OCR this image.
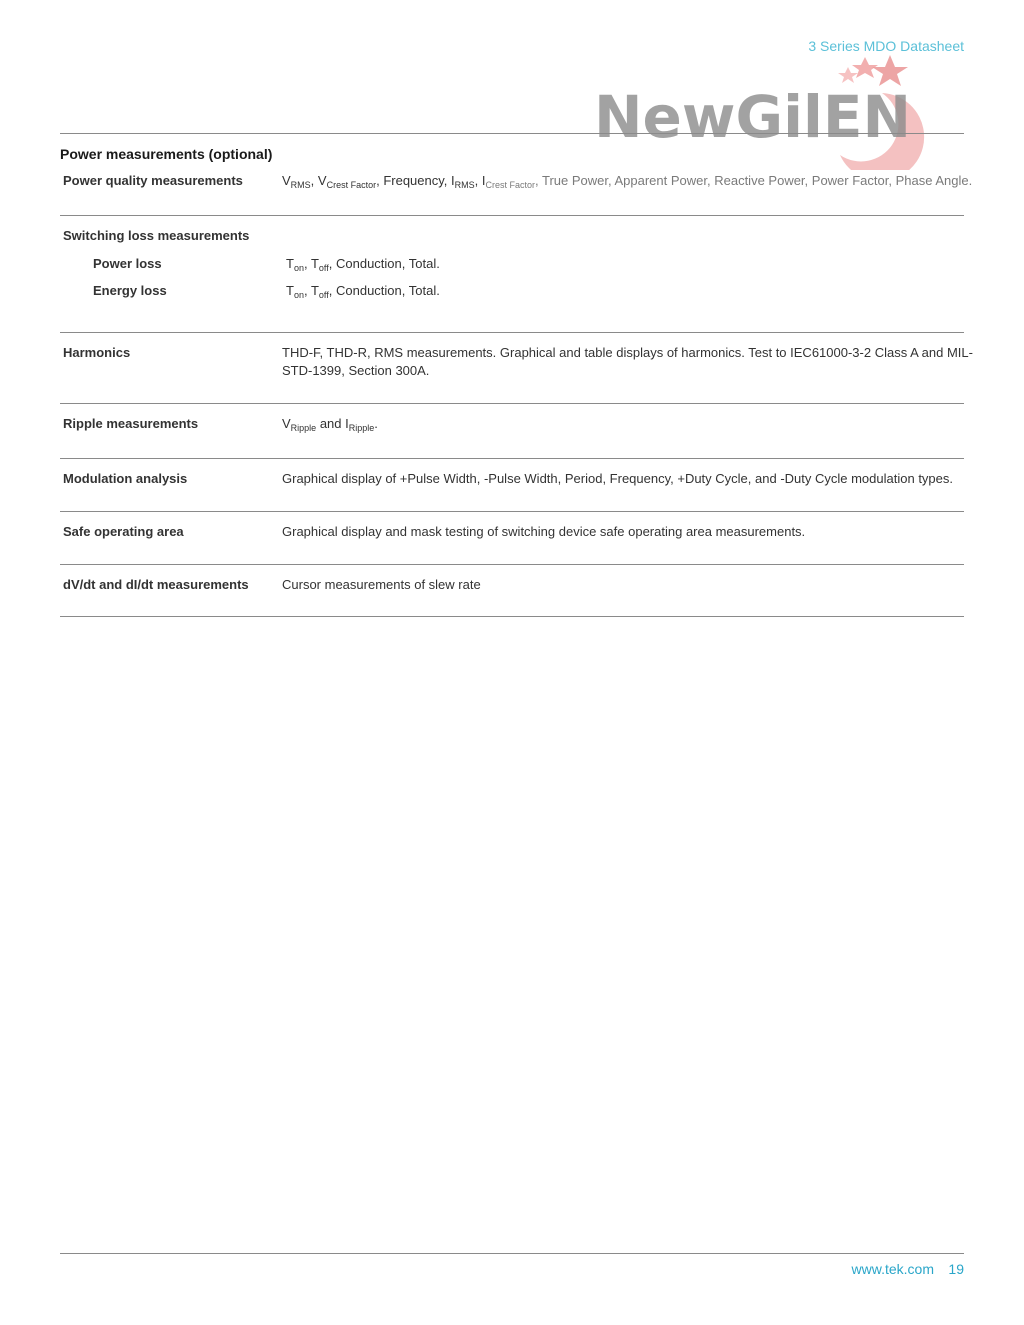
3 Series MDO Datasheet
NewGilEN
Power measurements (optional)
Power quality measurements	$V_{RMS}$, $V_{Crest Factor}$, Frequency, $I_{RMS}$, $I_{Crest Factor}$, True Power, Apparent Power, Reactive Power, Power Factor, Phase Angle.
Switching loss measurements
Power loss	$T_{on}$, $T_{off}$, Conduction, Total.
Energy loss	$T_{on}$, $T_{off}$, Conduction, Total.
Harmonics	THD-F, THD-R, RMS measurements. Graphical and table displays of harmonics. Test to IEC61000-3-2 Class A and MIL-
STD-1399, Section 300A.
Ripple measurements	$V_{Ripple}$ and $I_{Ripple}$.
Modulation analysis	Graphical display of +Pulse Width, -Pulse Width, Period, Frequency, +Duty Cycle, and -Duty Cycle modulation types.
Safe operating area	Graphical display and mask testing of switching device safe operating area measurements.
dV/dt and dI/dt measurements	Cursor measurements of slew rate
www.tek.com 19
